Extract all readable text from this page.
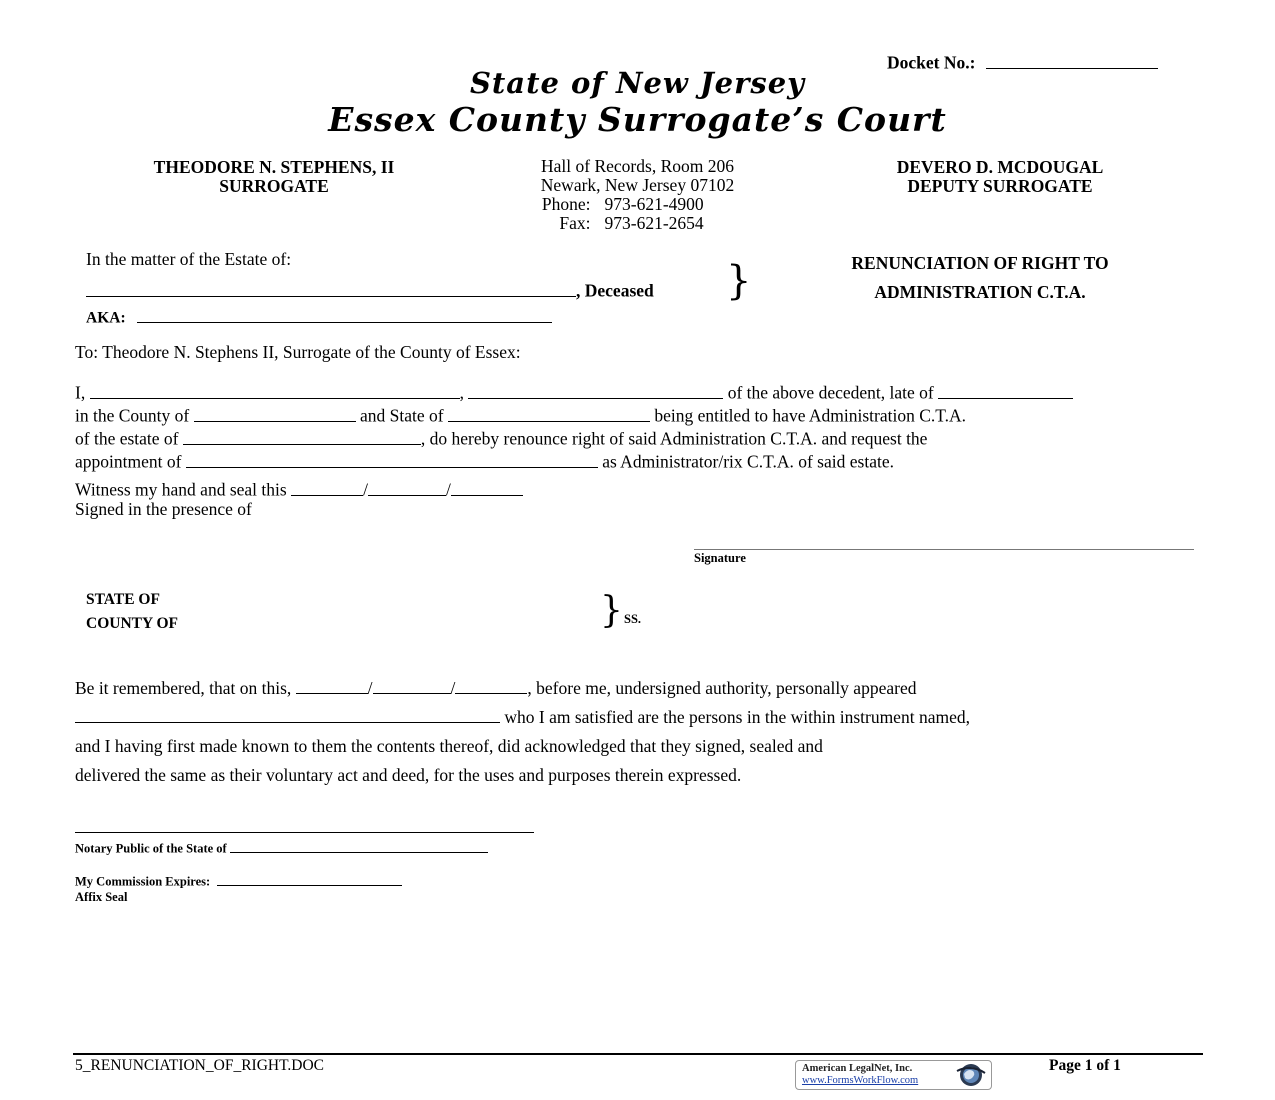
Docket No.:
State of New Jersey
Essex County Surrogate’s Court
THEODORE N. STEPHENS, II
SURROGATE
Hall of Records, Room 206
Newark, New Jersey 07102
Phone: 973-621-4900
Fax: 973-621-2654
DEVERO D. MCDOUGAL
DEPUTY SURROGATE
In the matter of the Estate of:
, Deceased }
AKA:
RENUNCIATION OF RIGHT TO
ADMINISTRATION C.T.A.
To: Theodore N. Stephens II, Surrogate of the County of Essex:
I,	,	of the above decedent, late of
in the County of	and State of	being entitled to have Administration C.T.A.
of the estate of	, do hereby renounce right of said Administration C.T.A. and request the
appointment of	as Administrator/rix C.T.A. of said estate.
Witness my hand and seal this	/	/
Signed in the presence of
Signature
STATE OF
COUNTY OF	} SS.
Be it remembered, that on this,	/	/	, before me, undersigned authority, personally appeared
who I am satisfied are the persons in the within instrument named,
and I having first made known to them the contents thereof, did acknowledged that they signed, sealed and
delivered the same as their voluntary act and deed, for the uses and purposes therein expressed.
Notary Public of the State of
My Commission Expires:
Affix Seal
5_RENUNCIATION_OF_RIGHT.DOC	American LegalNet, Inc.
www.FormsWorkFlow.com
Page 1 of 1
